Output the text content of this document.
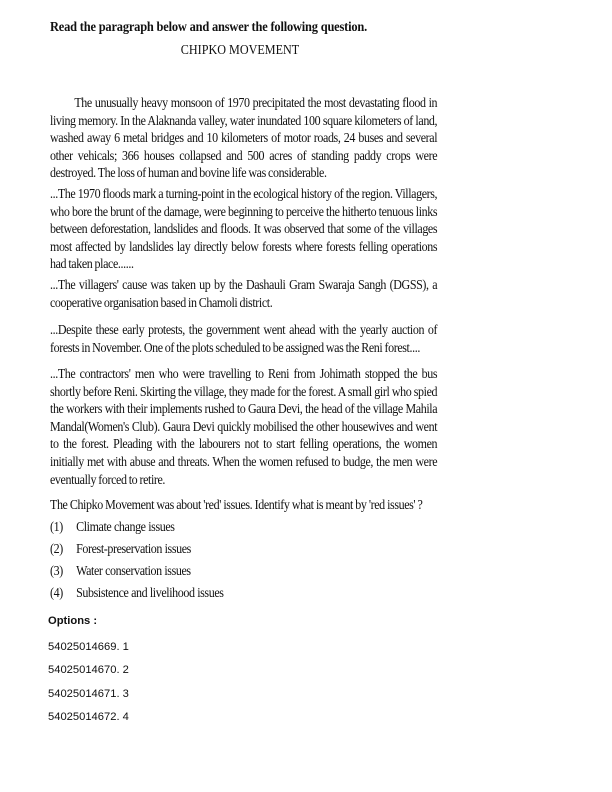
Read the paragraph below and answer the following question.
CHIPKO MOVEMENT

The unusually heavy monsoon of 1970 precipitated the most devastating flood in living memory. In the Alaknanda valley, water inundated 100 square kilometers of land, washed away 6 metal bridges and 10 kilometers of motor roads, 24 buses and several other vehicals; 366 houses collapsed and 500 acres of standing paddy crops were destroyed. The loss of human and bovine life was considerable.

...The 1970 floods mark a turning-point in the ecological history of the region. Villagers, who bore the brunt of the damage, were beginning to perceive the hitherto tenuous links between deforestation, landslides and floods. It was observed that some of the villages most affected by landslides lay directly below forests where forests felling operations had taken place......

...The villagers' cause was taken up by the Dashauli Gram Swaraja Sangh (DGSS), a cooperative organisation based in Chamoli district.

...Despite these early protests, the government went ahead with the yearly auction of forests in November. One of the plots scheduled to be assigned was the Reni forest....

...The contractors' men who were travelling to Reni from Johimath stopped the bus shortly before Reni. Skirting the village, they made for the forest. A small girl who spied the workers with their implements rushed to Gaura Devi, the head of the village Mahila Mandal(Women's Club). Gaura Devi quickly mobilised the other housewives and went to the forest. Pleading with the labourers not to start felling operations, the women initially met with abuse and threats. When the women refused to budge, the men were eventually forced to retire.

The Chipko Movement was about 'red' issues. Identify what is meant by 'red issues' ?
(1) Climate change issues
(2) Forest-preservation issues
(3) Water conservation issues
(4) Subsistence and livelihood issues
Options :
54025014669. 1
54025014670. 2
54025014671. 3
54025014672. 4
